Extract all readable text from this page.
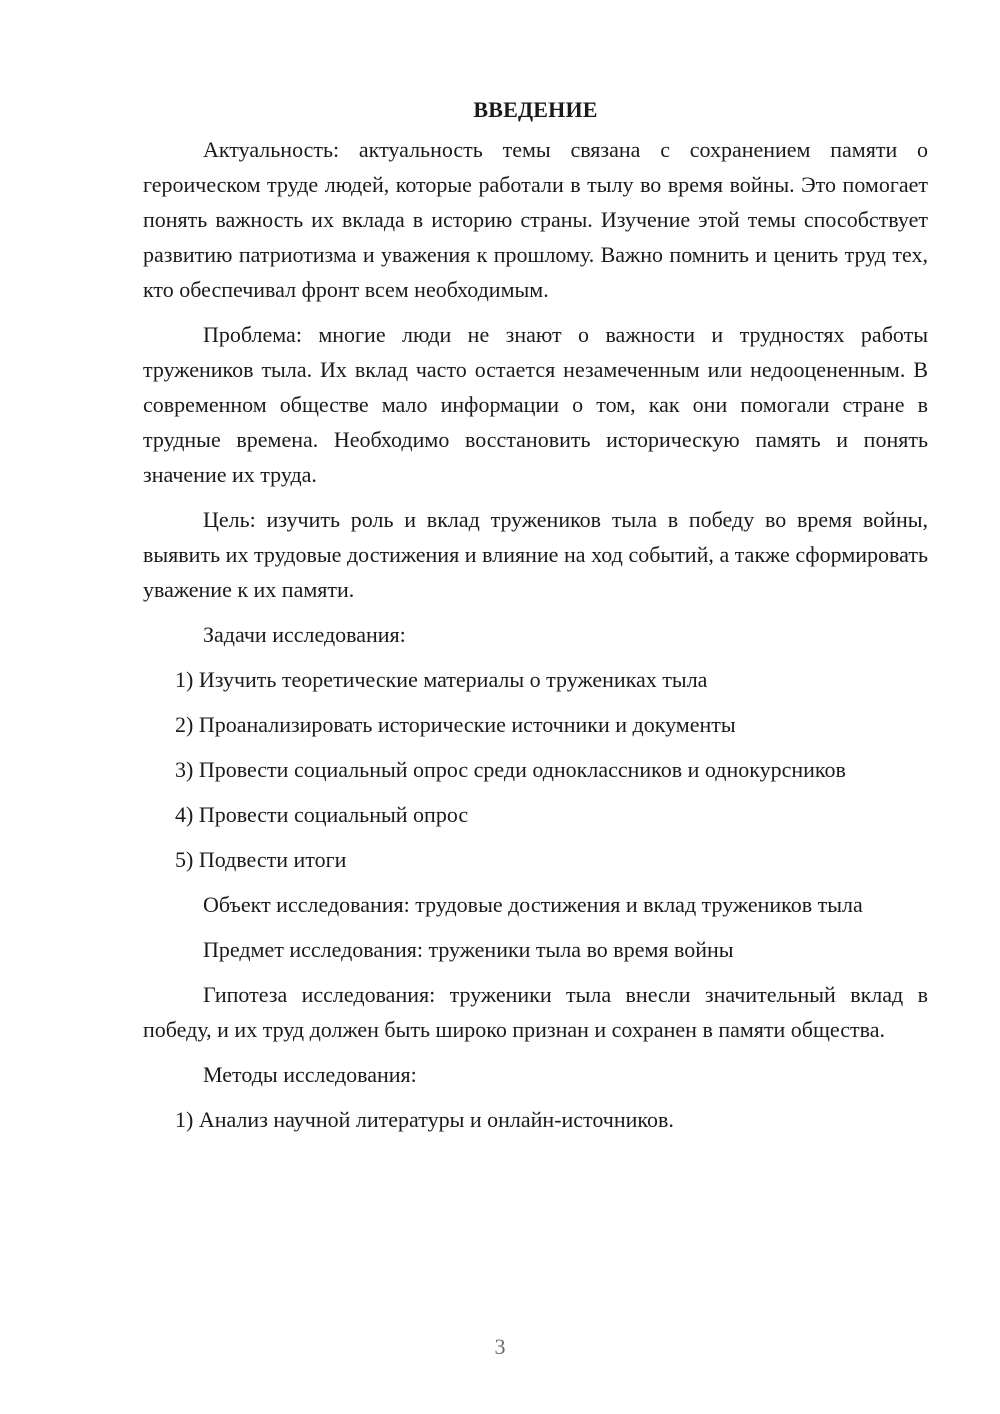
ВВЕДЕНИЕ

Актуальность: актуальность темы связана с сохранением памяти о героическом труде людей, которые работали в тылу во время войны. Это помогает понять важность их вклада в историю страны. Изучение этой темы способствует развитию патриотизма и уважения к прошлому. Важно помнить и ценить труд тех, кто обеспечивал фронт всем необходимым.

Проблема: многие люди не знают о важности и трудностях работы тружеников тыла. Их вклад часто остается незамеченным или недооцененным. В современном обществе мало информации о том, как они помогали стране в трудные времена. Необходимо восстановить историческую память и понять значение их труда.

Цель: изучить роль и вклад тружеников тыла в победу во время войны, выявить их трудовые достижения и влияние на ход событий, а также сформировать уважение к их памяти.

Задачи исследования:

1) Изучить теоретические материалы о тружениках тыла

2) Проанализировать исторические источники и документы

3) Провести социальный опрос среди одноклассников и однокурсников

4) Провести социальный опрос

5) Подвести итоги

Объект исследования: трудовые достижения и вклад тружеников тыла

Предмет исследования: труженики тыла во время войны

Гипотеза исследования: труженики тыла внесли значительный вклад в победу, и их труд должен быть широко признан и сохранен в памяти общества.

Методы исследования:

1) Анализ научной литературы и онлайн-источников.

3
